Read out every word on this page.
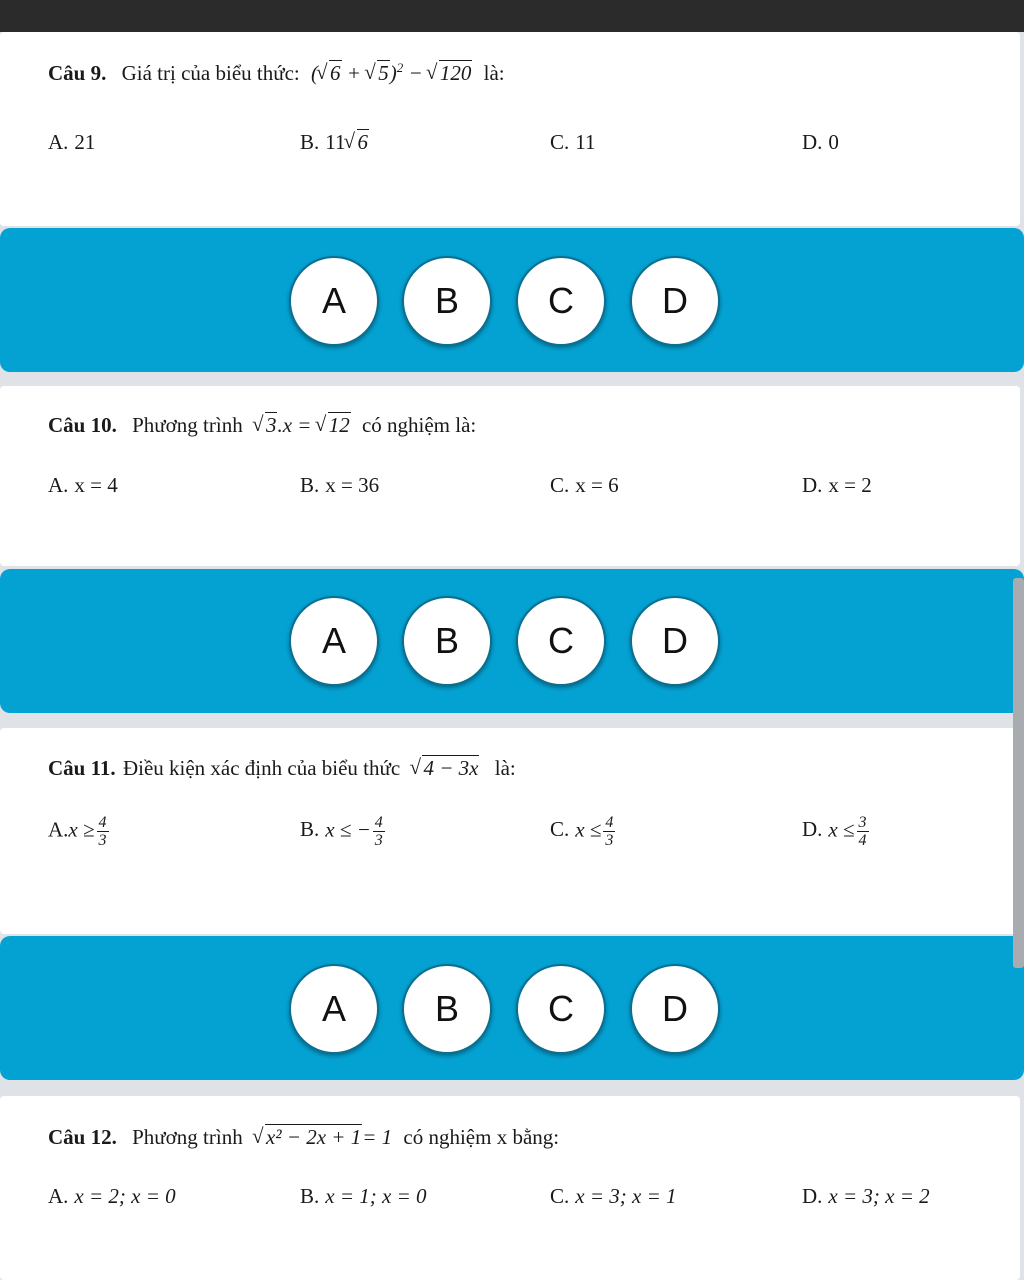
Câu 9. Giá trị của biểu thức: ( √ 6 + √ 5)$^2$ − √ 120 là:
A. 21	B. 11 √ 6	C. 11	D. 0
A	B	C	D
Câu 10. Phương trình √ 3.x = √ 12 có nghiệm là:
A. x = 4	B. x = 36	C. x = 6	D. x = 2
A	B	C	D
Câu 11. Điều kiện xác định của biểu thức √ 4 − 3x là:
$A.x \ge \frac{4}{3}$	B. x ≤ − $\frac{4}{3}$	C. $x \le \frac{4}{3}$	D. $x \le \frac{3}{4}$
A	B	C	D
Câu 12. Phương trình √ x² − 2x + 1= 1 có nghiệm x bằng:
A. x = 2; x = 0	B. x = 1; x = 0	C. x = 3; x = 1	D. x = 3; x = 2
